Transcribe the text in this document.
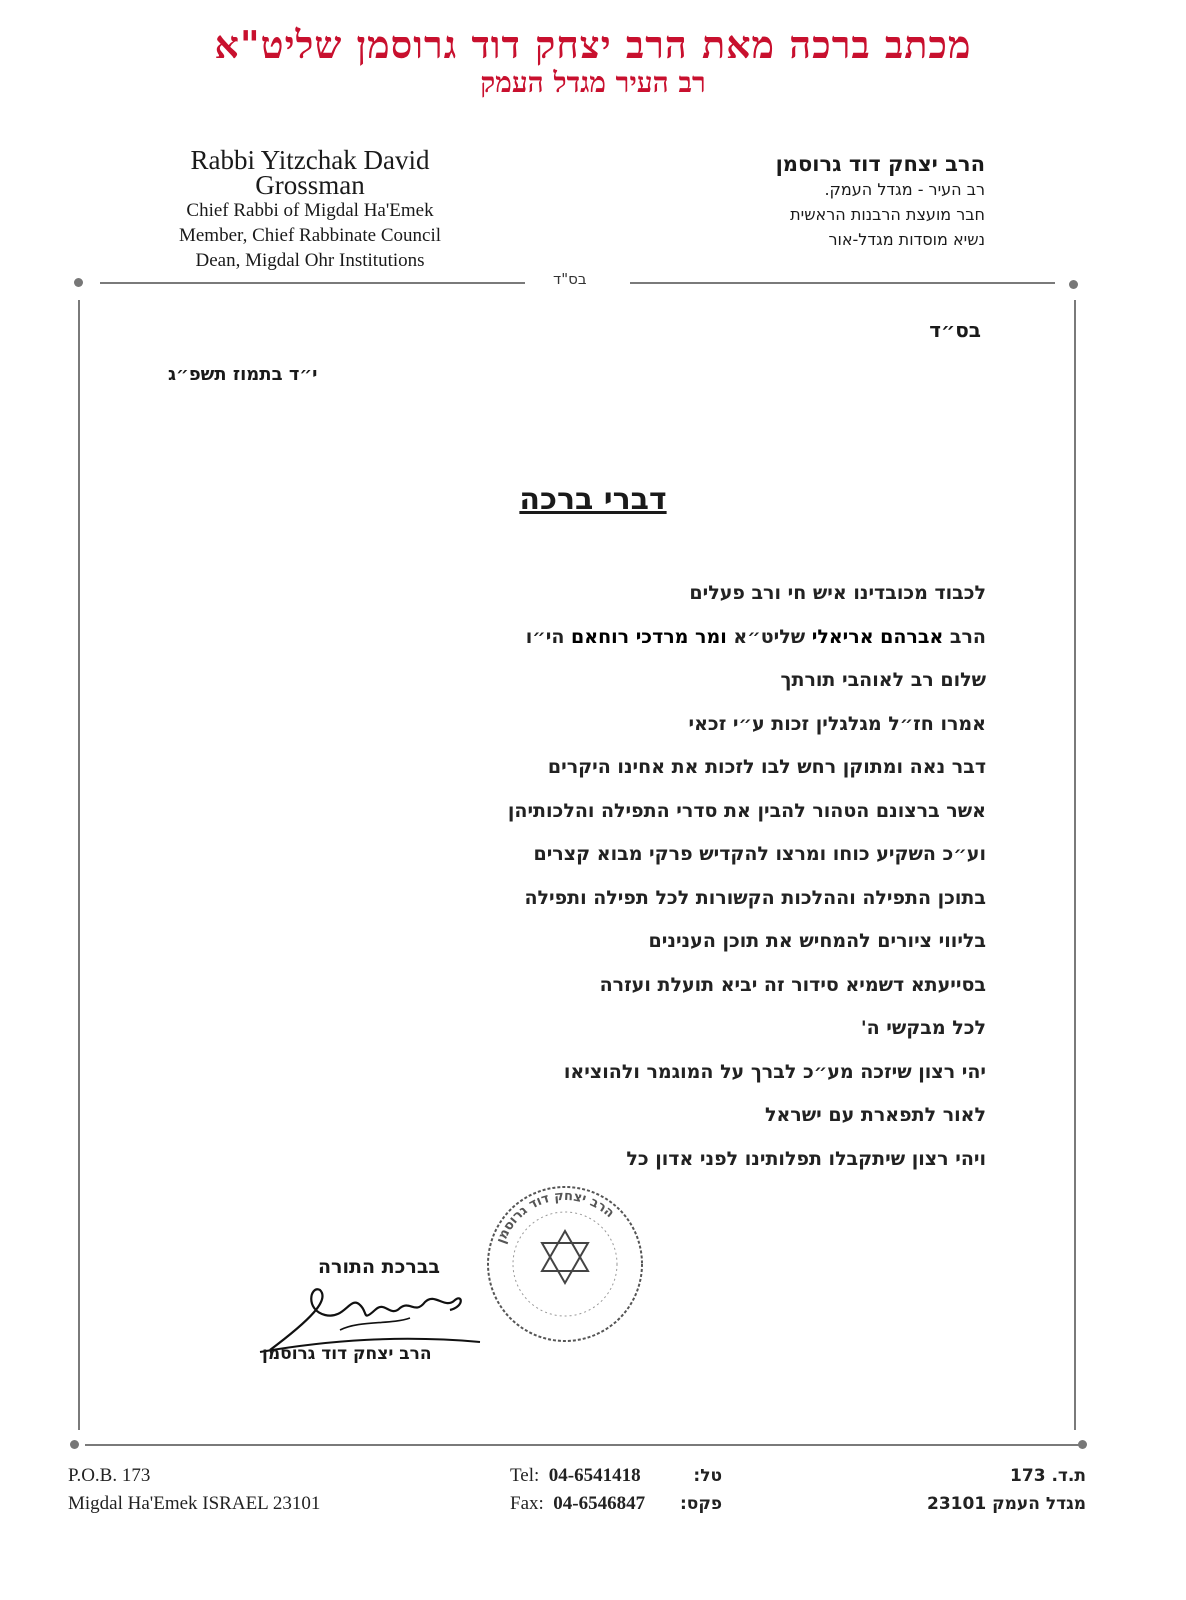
מכתב ברכה מאת הרב יצחק דוד גרוסמן שליט"א
רב העיר מגדל העמק
Rabbi Yitzchak David Grossman
Chief Rabbi of Migdal Ha'Emek
Member, Chief Rabbinate Council
Dean, Migdal Ohr Institutions
הרב יצחק דוד גרוסמן
רב העיר - מגדל העמק.
חבר מועצת הרבנות הראשית
נשיא מוסדות מגדל-אור
בס"ד
בס״ד
י״ד בתמוז תשפ״ג
דברי ברכה
לכבוד מכובדינו איש חי ורב פעלים
הרב אברהם אריאלי שליט״א ומר מרדכי רוחאם הי״ו
שלום רב לאוהבי תורתך
אמרו חז״ל מגלגלין זכות ע״י זכאי
דבר נאה ומתוקן רחש לבו לזכות את אחינו היקרים
אשר ברצונם הטהור להבין את סדרי התפילה והלכותיהן
וע״כ השקיע כוחו ומרצו להקדיש פרקי מבוא קצרים
בתוכן התפילה וההלכות הקשורות לכל תפילה ותפילה
בליווי ציורים להמחיש את תוכן הענינים
בסייעתא דשמיא סידור זה יביא תועלת ועזרה
לכל מבקשי ה'
יהי רצון שיזכה מע״כ לברך על המוגמר ולהוציאו
לאור לתפארת עם ישראל
ויהי רצון שיתקבלו תפלותינו לפני אדון כל
הרב יצחק דוד גרוסמן
בברכת התורה
הרב יצחק דוד גרוסמן
P.O.B. 173
Migdal Ha'Emek ISRAEL 23101
Tel: 04-6541418
Fax: 04-6546847
טל:
פקס:
ת.ד. 173
מגדל העמק 23101
